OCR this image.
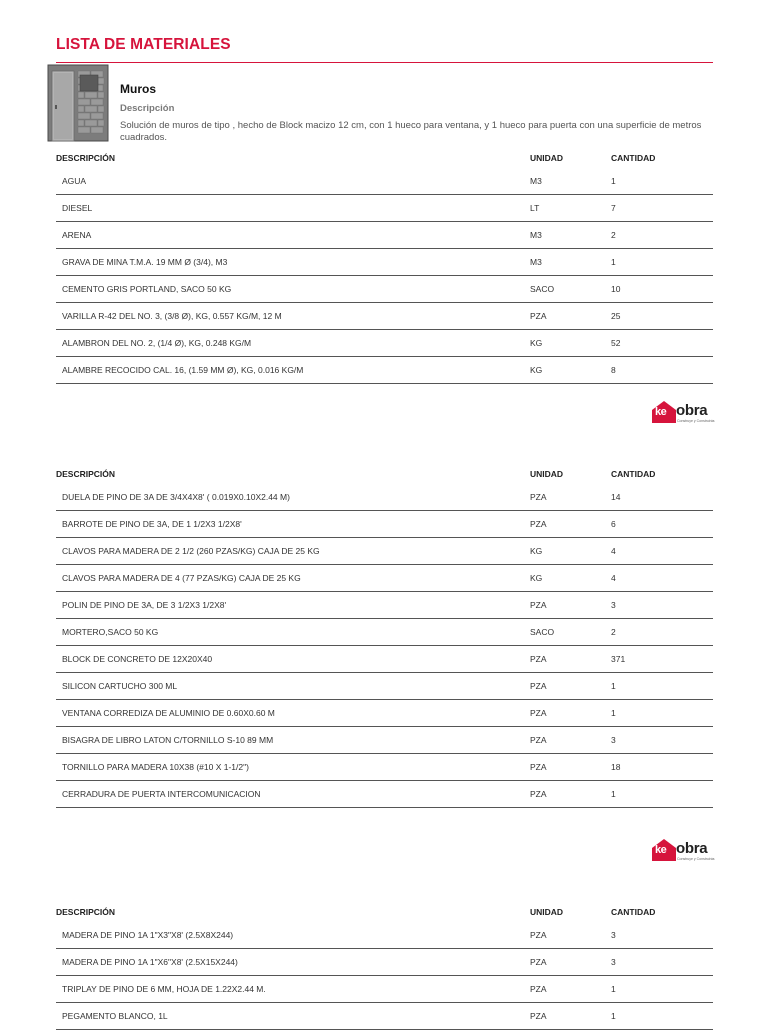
LISTA DE MATERIALES
Muros
Descripción
Solución de muros de tipo , hecho de Block macizo 12 cm, con 1 hueco para ventana, y 1 hueco para puerta con una superficie de metros cuadrados.
DESCRIPCIÓN	UNIDAD	CANTIDAD
AGUA	M3	1
DIESEL	LT	7
ARENA	M3	2
GRAVA DE MINA T.M.A. 19 MM Ø (3/4), M3	M3	1
CEMENTO GRIS PORTLAND, SACO 50 KG	SACO	10
VARILLA R-42 DEL NO. 3, (3/8 Ø), KG, 0.557 KG/M, 12 M	PZA	25
ALAMBRON DEL NO. 2, (1/4 Ø), KG, 0.248 KG/M	KG	52
ALAMBRE RECOCIDO CAL. 16, (1.59 MM Ø), KG, 0.016 KG/M	KG	8
ke obra
Construye y Construirás
DESCRIPCIÓN	UNIDAD	CANTIDAD
DUELA DE PINO DE 3A DE 3/4X4X8' ( 0.019X0.10X2.44 M)	PZA	14
BARROTE DE PINO DE 3A, DE 1 1/2X3 1/2X8'	PZA	6
CLAVOS PARA MADERA DE 2 1/2 (260 PZAS/KG) CAJA DE 25 KG	KG	4
CLAVOS PARA MADERA DE 4 (77 PZAS/KG) CAJA DE 25 KG	KG	4
POLIN DE PINO DE 3A, DE 3 1/2X3 1/2X8'	PZA	3
MORTERO,SACO 50 KG	SACO	2
BLOCK DE CONCRETO DE 12X20X40	PZA	371
SILICON CARTUCHO 300 ML	PZA	1
VENTANA CORREDIZA DE ALUMINIO DE 0.60X0.60 M	PZA	1
BISAGRA DE LIBRO LATON C/TORNILLO S-10 89 MM	PZA	3
TORNILLO PARA MADERA 10X38 (#10 X 1-1/2")	PZA	18
CERRADURA DE PUERTA INTERCOMUNICACION	PZA	1
ke obra
Construye y Construirás
DESCRIPCIÓN	UNIDAD	CANTIDAD
MADERA DE PINO 1A 1"X3"X8' (2.5X8X244)	PZA	3
MADERA DE PINO 1A 1"X6"X8' (2.5X15X244)	PZA	3
TRIPLAY DE PINO DE 6 MM, HOJA DE 1.22X2.44 M.	PZA	1
PEGAMENTO BLANCO, 1L	PZA	1
